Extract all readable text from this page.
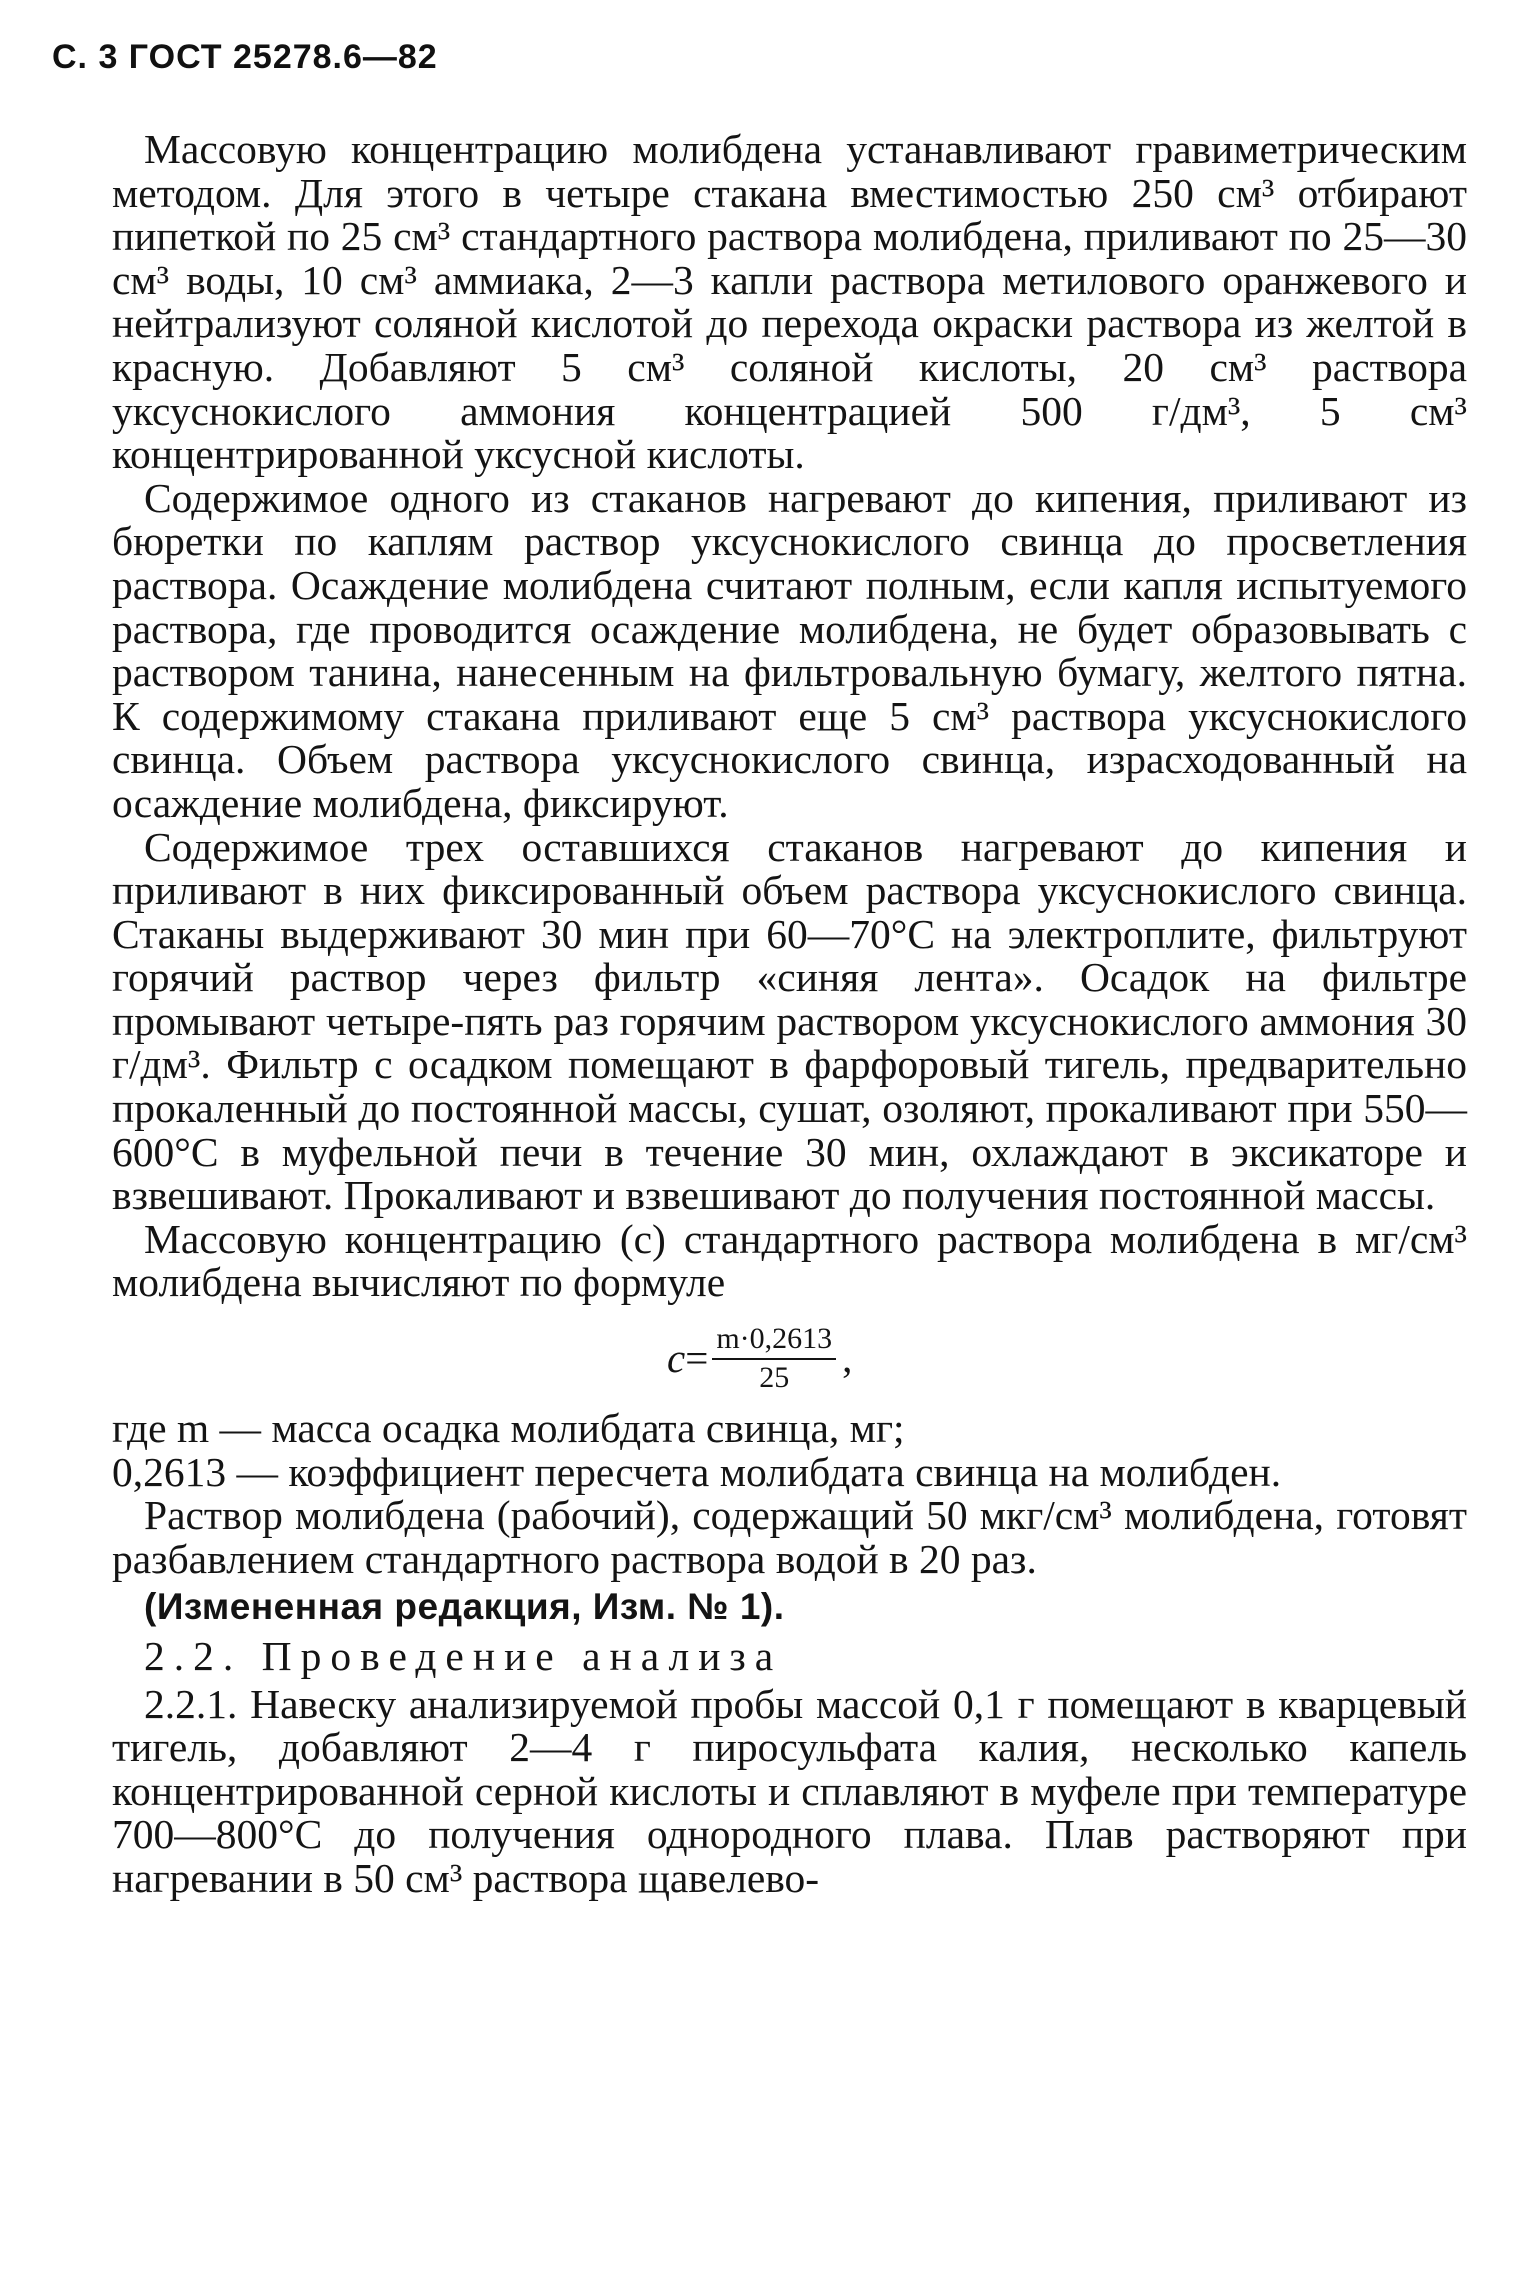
С. 3 ГОСТ 25278.6—82

Массовую концентрацию молибдена устанавливают гравиметрическим методом. Для этого в четыре стакана вместимостью 250 см³ отбирают пипеткой по 25 см³ стандартного раствора молибдена, приливают по 25—30 см³ воды, 10 см³ аммиака, 2—3 капли раствора метилового оранжевого и нейтрализуют соляной кислотой до перехода окраски раствора из желтой в красную. Добавляют 5 см³ соляной кислоты, 20 см³ раствора уксуснокислого аммония концентрацией 500 г/дм³, 5 см³ концентрированной уксусной кислоты.

Содержимое одного из стаканов нагревают до кипения, приливают из бюретки по каплям раствор уксуснокислого свинца до просветления раствора. Осаждение молибдена считают полным, если капля испытуемого раствора, где проводится осаждение молибдена, не будет образовывать с раствором танина, нанесенным на фильтровальную бумагу, желтого пятна. К содержимому стакана приливают еще 5 см³ раствора уксуснокислого свинца. Объем раствора уксуснокислого свинца, израсходованный на осаждение молибдена, фиксируют.

Содержимое трех оставшихся стаканов нагревают до кипения и приливают в них фиксированный объем раствора уксуснокислого свинца. Стаканы выдерживают 30 мин при 60—70°С на электроплите, фильтруют горячий раствор через фильтр «синяя лента». Осадок на фильтре промывают четыре-пять раз горячим раствором уксуснокислого аммония 30 г/дм³. Фильтр с осадком помещают в фарфоровый тигель, предварительно прокаленный до постоянной массы, сушат, озоляют, прокаливают при 550—600°С в муфельной печи в течение 30 мин, охлаждают в эксикаторе и взвешивают. Прокаливают и взвешивают до получения постоянной массы.

Массовую концентрацию (c) стандартного раствора молибдена в мг/см³ молибдена вычисляют по формуле

$c = \frac{m\cdot 0,2613}{25}$ ,

где m — масса осадка молибдата свинца, мг;

0,2613 — коэффициент пересчета молибдата свинца на молибден.

Раствор молибдена (рабочий), содержащий 50 мкг/см³ молибдена, готовят разбавлением стандартного раствора водой в 20 раз.

(Измененная редакция, Изм. № 1).

2.2. Проведение анализа

2.2.1. Навеску анализируемой пробы массой 0,1 г помещают в кварцевый тигель, добавляют 2—4 г пиросульфата калия, несколько капель концентрированной серной кислоты и сплавляют в муфеле при температуре 700—800°С до получения однородного плава. Плав растворяют при нагревании в 50 см³ раствора щавелево-
